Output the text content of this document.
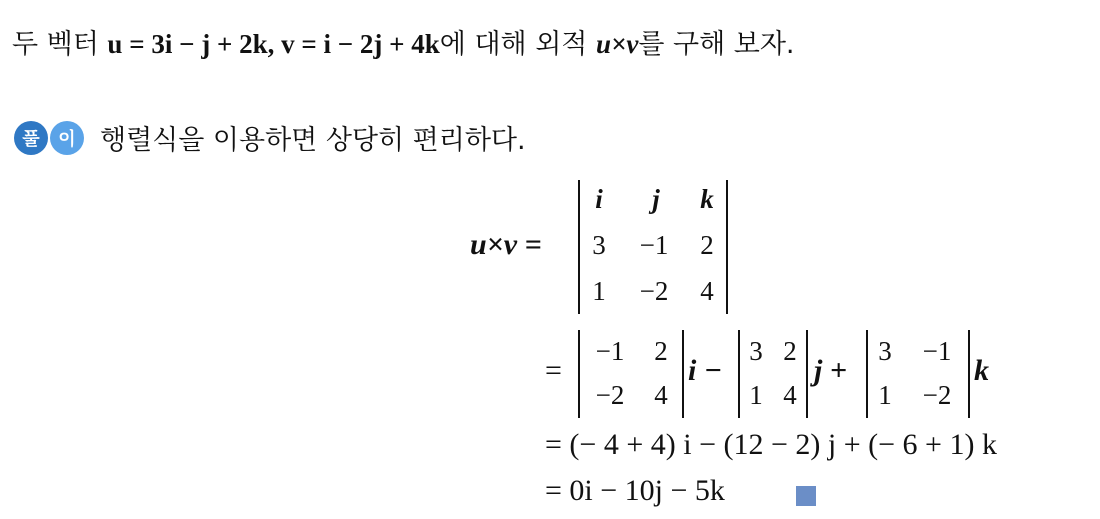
두 벡터 u = 3i − j + 2k, v = i − 2j + 4k에 대해 외적 u×v를 구해 보자.
풀	이 행렬식을 이용하면 상당히 편리하다.
u×v =
i	j	k
3	−1	2
1	−2	4
=
−1	2
−2	4
i −
3 2
1 4
j +
3	−1
1	−2
k
= (− 4 + 4) i − (12 − 2) j + (− 6 + 1) k
= 0i − 10j − 5k
